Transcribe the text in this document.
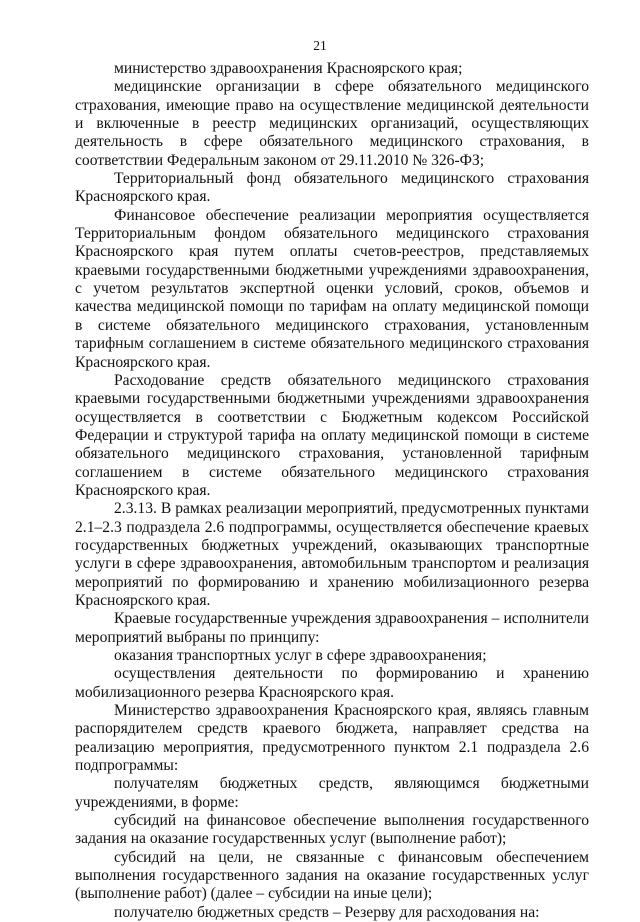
21

министерство здравоохранения Красноярского края;

медицинские организации в сфере обязательного медицинского страхования, имеющие право на осуществление медицинской деятельности и включенные в реестр медицинских организаций, осуществляющих деятельность в сфере обязательного медицинского страхования, в соответствии Федеральным законом от 29.11.2010 № 326-ФЗ;

Территориальный фонд обязательного медицинского страхования Красноярского края.

Финансовое обеспечение реализации мероприятия осуществляется Территориальным фондом обязательного медицинского страхования Красноярского края путем оплаты счетов-реестров, представляемых краевыми государственными бюджетными учреждениями здравоохранения, с учетом результатов экспертной оценки условий, сроков, объемов и качества медицинской помощи по тарифам на оплату медицинской помощи в системе обязательного медицинского страхования, установленным тарифным соглашением в системе обязательного медицинского страхования Красноярского края.

Расходование средств обязательного медицинского страхования краевыми государственными бюджетными учреждениями здравоохранения осуществляется в соответствии с Бюджетным кодексом Российской Федерации и структурой тарифа на оплату медицинской помощи в системе обязательного медицинского страхования, установленной тарифным соглашением в системе обязательного медицинского страхования Красноярского края.

2.3.13. В рамках реализации мероприятий, предусмотренных пунктами 2.1–2.3 подраздела 2.6 подпрограммы, осуществляется обеспечение краевых государственных бюджетных учреждений, оказывающих транспортные услуги в сфере здравоохранения, автомобильным транспортом и реализация мероприятий по формированию и хранению мобилизационного резерва Красноярского края.

Краевые государственные учреждения здравоохранения – исполнители мероприятий выбраны по принципу:

оказания транспортных услуг в сфере здравоохранения;

осуществления деятельности по формированию и хранению мобилизационного резерва Красноярского края.

Министерство здравоохранения Красноярского края, являясь главным распорядителем средств краевого бюджета, направляет средства на реализацию мероприятия, предусмотренного пунктом 2.1 подраздела 2.6 подпрограммы:

получателям бюджетных средств, являющимся бюджетными учреждениями, в форме:

субсидий на финансовое обеспечение выполнения государственного задания на оказание государственных услуг (выполнение работ);

субсидий на цели, не связанные с финансовым обеспечением выполнения государственного задания на оказание государственных услуг (выполнение работ) (далее – субсидии на иные цели);

получателю бюджетных средств – Резерву для расходования на:
